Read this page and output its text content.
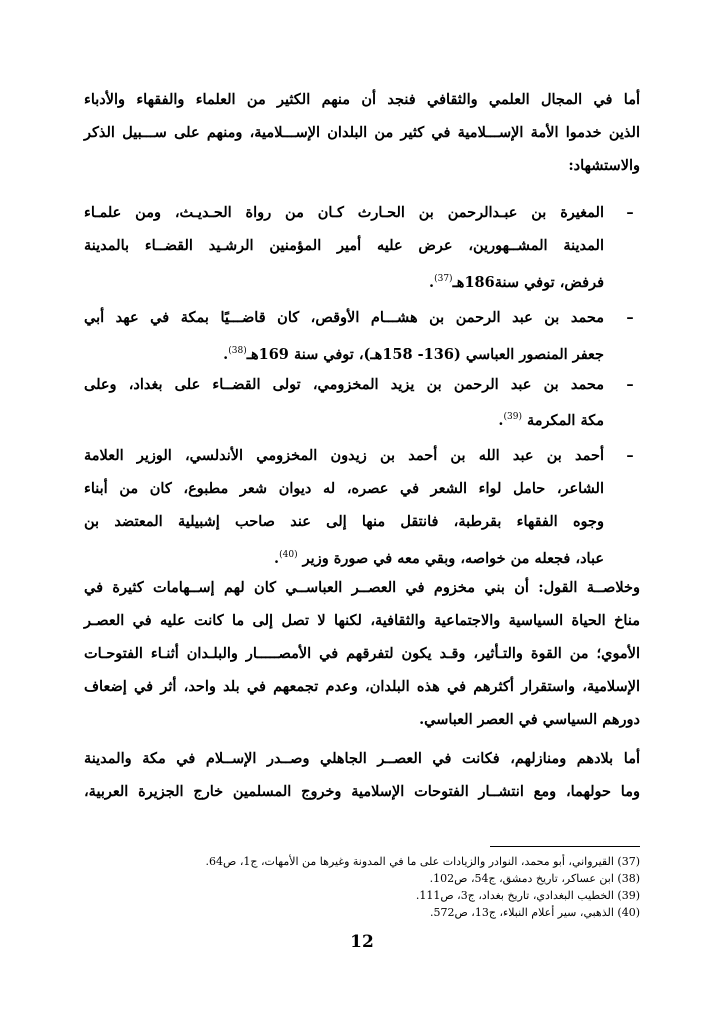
أما في المجال العلمي والثقافي فنجد أن منهم الكثير من العلماء والفقهاء والأدباء
الذين خدموا الأمة الإســـلامية في كثير من البلدان الإســـلامية، ومنهم على ســـبيل الذكر
والاستشهاد:
–
المغيرة بن عبـدالرحمن بن الحـارث كـان من رواة الحـديـث، ومن علمـاء
المدينة المشــهورين، عرض عليه أمير المؤمنين الرشـيد القضــاء بالمدينة
فرفض، توفي سنة186هـ$^{(37)}$.
–
محمد بن عبد الرحمن بن هشـــام الأوقص، كان قاضـــيًا بمكة في عهد أبي
جعفر المنصور العباسي (136- 158هـ)، توفي سنة 169هـ$^{(38)}$.
–
محمد بن عبد الرحمن بن يزيد المخزومي، تولى القضــاء على بغداد، وعلى
مكة المكرمة $^{(39)}$.
–
أحمد بن عبد الله بن أحمد بن زيدون المخزومي الأندلسي، الوزير العلامة
الشاعر، حامل لواء الشعر في عصره، له ديوان شعر مطبوع، كان من أبناء
وجوه الفقهاء بقرطبة، فانتقل منها إلى عند صاحب إشبيلية المعتضد بن
عباد، فجعله من خواصه، وبقي معه في صورة وزير $^{(40)}$.
وخلاصــة القول: أن بني مخزوم في العصــر العباســي كان لهم إســهامات كثيرة في
مناخ الحياة السياسية والاجتماعية والثقافية، لكنها لا تصل إلى ما كانت عليه في العصـر
الأموي؛ من القوة والتـأثير، وقـد يكون لتفرقهم في الأمصـــــار والبلـدان أثنـاء الفتوحـات
الإسلامية، واستقرار أكثرهم في هذه البلدان، وعدم تجمعهم في بلد واحد، أثر في إضعاف
دورهم السياسي في العصر العباسي.
أما بلادهم ومنازلهم، فكانت في العصــر الجاهلي وصــدر الإســلام في مكة والمدينة
وما حولهما، ومع انتشــار الفتوحات الإسلامية وخروج المسلمين خارج الجزيرة العربية،
(37) القيرواني، أبو محمد، النوادر والزيادات على ما في المدونة وغيرها من الأمهات، ج1، ص64.
(38) ابن عساكر، تاريخ دمشق، ج54، ص102.
(39) الخطيب البغدادي، تاريخ بغداد، ج3، ص111.
(40) الذهبي، سير أعلام النبلاء، ج13، ص572.
12
